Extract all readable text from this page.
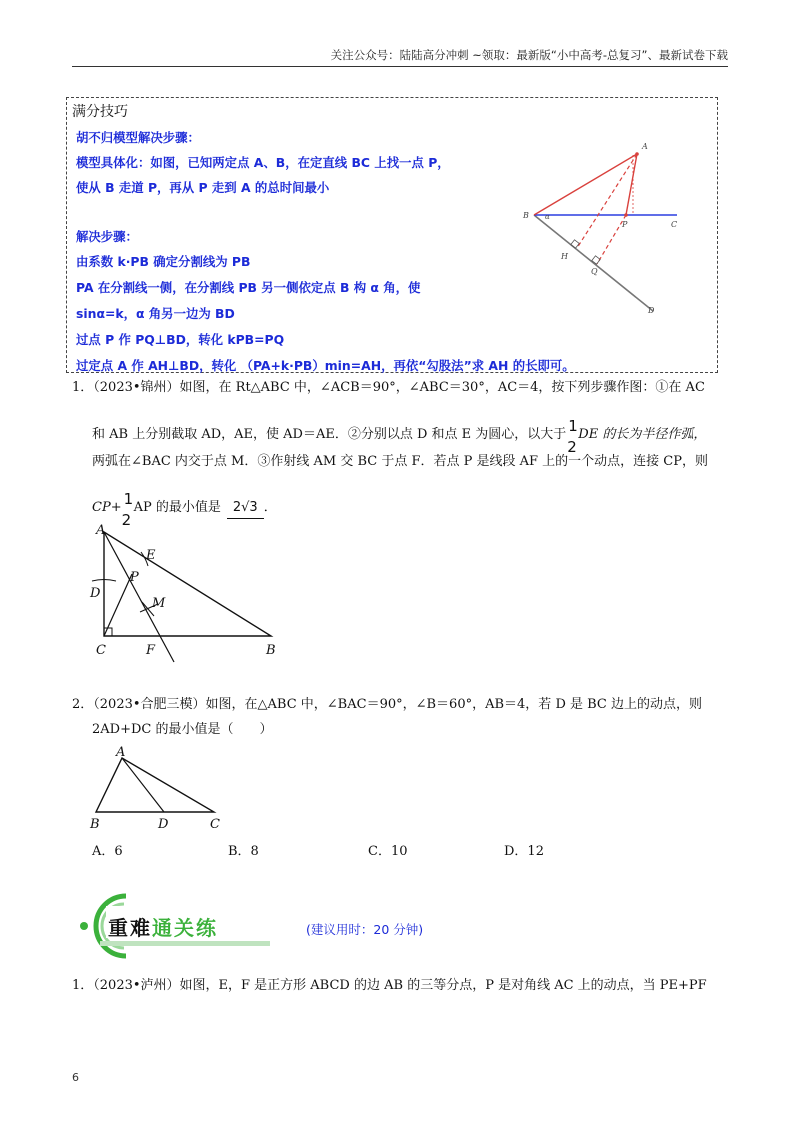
关注公众号：陆陆高分冲刺 ~领取：最新版“小中高考-总复习”、最新试卷下载
满分技巧
胡不归模型解决步骤：
模型具体化：如图，已知两定点 A、B，在定直线 BC 上找一点 P，
使从 B 走道 P，再从 P 走到 A 的总时间最小
解决步骤：
由系数 k·PB 确定分割线为 PB
PA 在分割线一侧，在分割线 PB 另一侧依定点 B 构 α 角，使
sinα=k，α 角另一边为 BD
过点 P 作 PQ⊥BD，转化 kPB=PQ
过定点 A 作 AH⊥BD，转化 （PA+k·PB）min=AH，再依“勾股法”求 AH 的长即可。
A
B α
P	C
H
Q
D
1．（2023•锦州）如图，在 Rt△ABC 中，∠ACB＝90°，∠ABC＝30°，AC＝4，按下列步骤作图：①在 AC
和 AB 上分别截取 AD，AE，使 AD＝AE．②分别以点 D 和点 E 为圆心，以大于 1
2
DE 的长为半径作弧，
两弧在∠BAC 内交于点 M．③作射线 AM 交 BC 于点 F．若点 P 是线段 AF 上的一个动点，连接 CP，则
CP+ 1
2
AP 的最小值是 2√3 ．
A
E
P
D
M
C	F	B
2．（2023•合肥三模）如图，在△ABC 中，∠BAC＝90°，∠B＝60°，AB＝4，若 D 是 BC 边上的动点，则
2AD+DC 的最小值是（　　）
A
B	D	C
A．6	B．8	C．10	D．12
重难通关练	(建议用时：20 分钟)
1．（2023•泸州）如图，E，F 是正方形 ABCD 的边 AB 的三等分点，P 是对角线 AC 上的动点，当 PE+PF
6
